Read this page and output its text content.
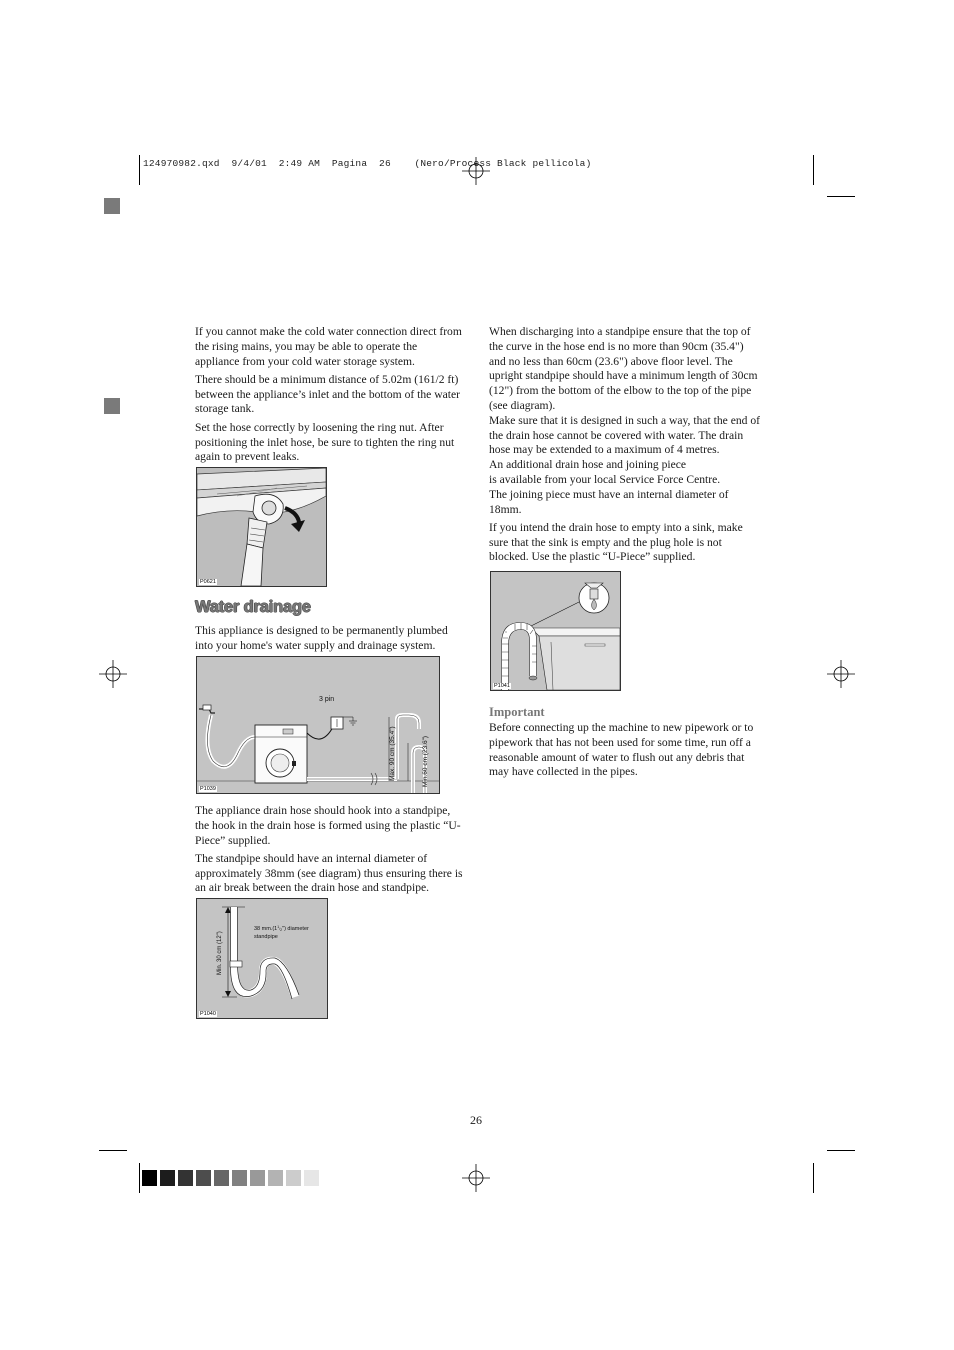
124970982.qxd  9/4/01  2:49 AM  Pagina  26    (Nero/Process Black pellicola)

If you cannot make the cold water connection direct from the rising mains, you may be able to operate the appliance from your cold water storage system.

There should be a minimum distance of 5.02m (161/2 ft) between the appliance’s inlet and the bottom of the water storage tank.

Set the hose correctly by loosening the ring nut. After positioning the inlet hose, be sure to tighten the ring nut again to prevent leaks.

P0621
Water drainage

This appliance is designed to be permanently plumbed into your home's water supply and drainage system.

3 pin
Max. 90 cm (35.4")	Min.60 cm (23.6")
P1039

The appliance drain hose should hook into a standpipe, the hook in the drain hose is formed using the plastic “U-Piece” supplied.

The standpipe should have an internal diameter of approximately 38mm (see diagram) thus ensuring there is an air break between the drain hose and standpipe.

Min. 30 cm (12")
38 $mm.(1^1_/2")$ diameter
standpipe
P1040

When discharging into a standpipe ensure that the top of the curve in the hose end is no more than 90cm (35.4") and no less than 60cm (23.6") above floor level. The upright standpipe should have a minimum length of 30cm (12") from the bottom of the elbow to the top of the pipe (see diagram).

Make sure that it is designed in such a way, that the end of the drain hose cannot be covered with water. The drain hose may be extended to a maximum of 4 metres.

An additional drain hose and joining piece

is available from your local Service Force Centre.

The joining piece must have an internal diameter of 18mm.

If you intend the drain hose to empty into a sink, make sure that the sink is empty and the plug hole is not blocked. Use the plastic “U-Piece” supplied.

P1041
Important

Before connecting up the machine to new pipework or to pipework that has not been used for some time, run off a reasonable amount of water to flush out any debris that may have collected in the pipes.

26
